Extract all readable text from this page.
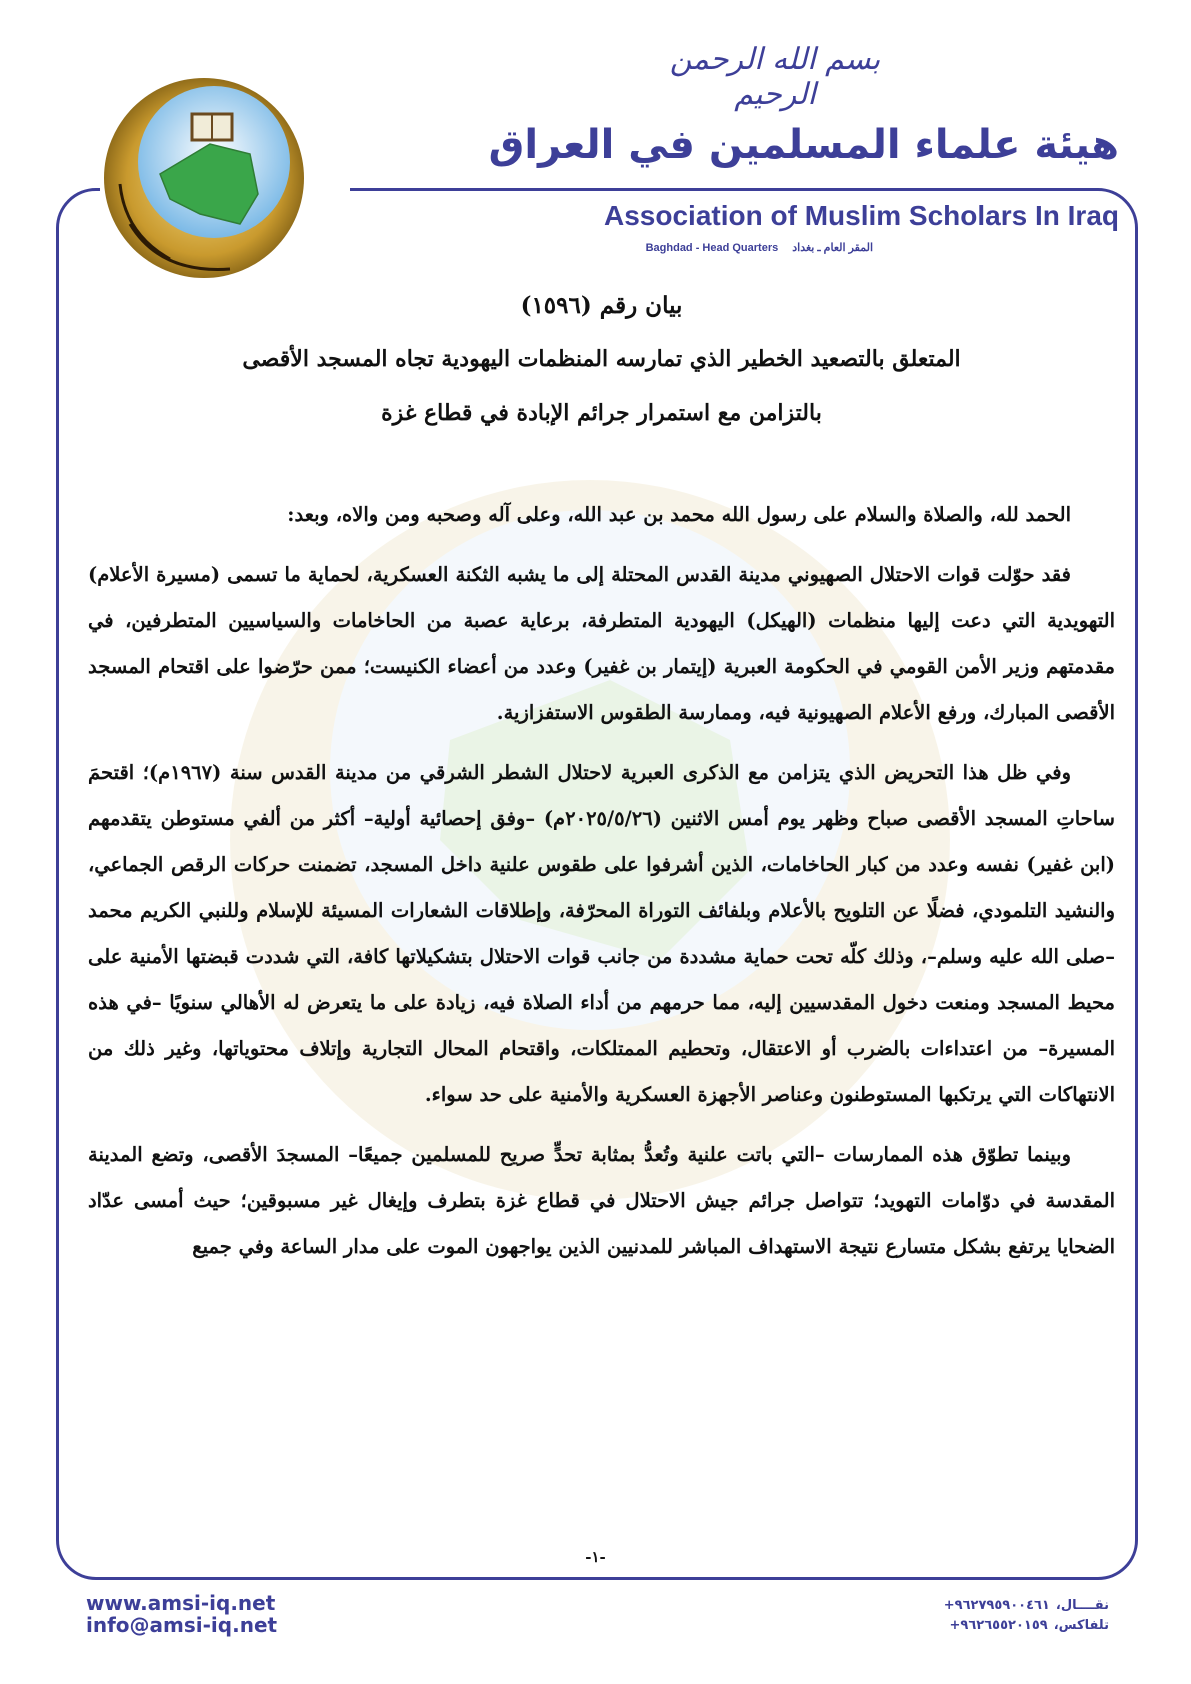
بسم الله الرحمن الرحيم
هيئة علماء المسلمين في العراق
Association of Muslim Scholars In Iraq
Baghdad - Head Quarters المقر العام ـ بغداد
بيان رقم (١٥٩٦)
المتعلق بالتصعيد الخطير الذي تمارسه المنظمات اليهودية تجاه المسجد الأقصى
بالتزامن مع استمرار جرائم الإبادة في قطاع غزة

الحمد لله، والصلاة والسلام على رسول الله محمد بن عبد الله، وعلى آله وصحبه ومن والاه، وبعد:

فقد حوّلت قوات الاحتلال الصهيوني مدينة القدس المحتلة إلى ما يشبه الثكنة العسكرية، لحماية ما تسمى (مسيرة الأعلام) التهويدية التي دعت إليها منظمات (الهيكل) اليهودية المتطرفة، برعاية عصبة من الحاخامات والسياسيين المتطرفين، في مقدمتهم وزير الأمن القومي في الحكومة العبرية (إيتمار بن غفير) وعدد من أعضاء الكنيست؛ ممن حرّضوا على اقتحام المسجد الأقصى المبارك، ورفع الأعلام الصهيونية فيه، وممارسة الطقوس الاستفزازية.

وفي ظل هذا التحريض الذي يتزامن مع الذكرى العبرية لاحتلال الشطر الشرقي من مدينة القدس سنة (١٩٦٧م)؛ اقتحمَ ساحاتِ المسجد الأقصى صباح وظهر يوم أمس الاثنين (٢٠٢٥/٥/٢٦م) –وفق إحصائية أولية– أكثر من ألفي مستوطن يتقدمهم (ابن غفير) نفسه وعدد من كبار الحاخامات، الذين أشرفوا على طقوس علنية داخل المسجد، تضمنت حركات الرقص الجماعي، والنشيد التلمودي، فضلًا عن التلويح بالأعلام وبلفائف التوراة المحرّفة، وإطلاقات الشعارات المسيئة للإسلام وللنبي الكريم محمد –صلى الله عليه وسلم–، وذلك كلّه تحت حماية مشددة من جانب قوات الاحتلال بتشكيلاتها كافة، التي شددت قبضتها الأمنية على محيط المسجد ومنعت دخول المقدسيين إليه، مما حرمهم من أداء الصلاة فيه، زيادة على ما يتعرض له الأهالي سنويًا –في هذه المسيرة– من اعتداءات بالضرب أو الاعتقال، وتحطيم الممتلكات، واقتحام المحال التجارية وإتلاف محتوياتها، وغير ذلك من الانتهاكات التي يرتكبها المستوطنون وعناصر الأجهزة العسكرية والأمنية على حد سواء.

وبينما تطوّق هذه الممارسات –التي باتت علنية وتُعدُّ بمثابة تحدٍّ صريح للمسلمين جميعًا– المسجدَ الأقصى، وتضع المدينة المقدسة في دوّامات التهويد؛ تتواصل جرائم جيش الاحتلال في قطاع غزة بتطرف وإيغال غير مسبوقين؛ حيث أمسى عدّاد الضحايا يرتفع بشكل متسارع نتيجة الاستهداف المباشر للمدنيين الذين يواجهون الموت على مدار الساعة وفي جميع

-١-
www.amsi-iq.net
info@amsi-iq.net
نقــــال،
+٩٦٢٧٩٥٩٠٠٤٦١
تلفاكس،
+٩٦٢٦٥٥٢٠١٥٩
